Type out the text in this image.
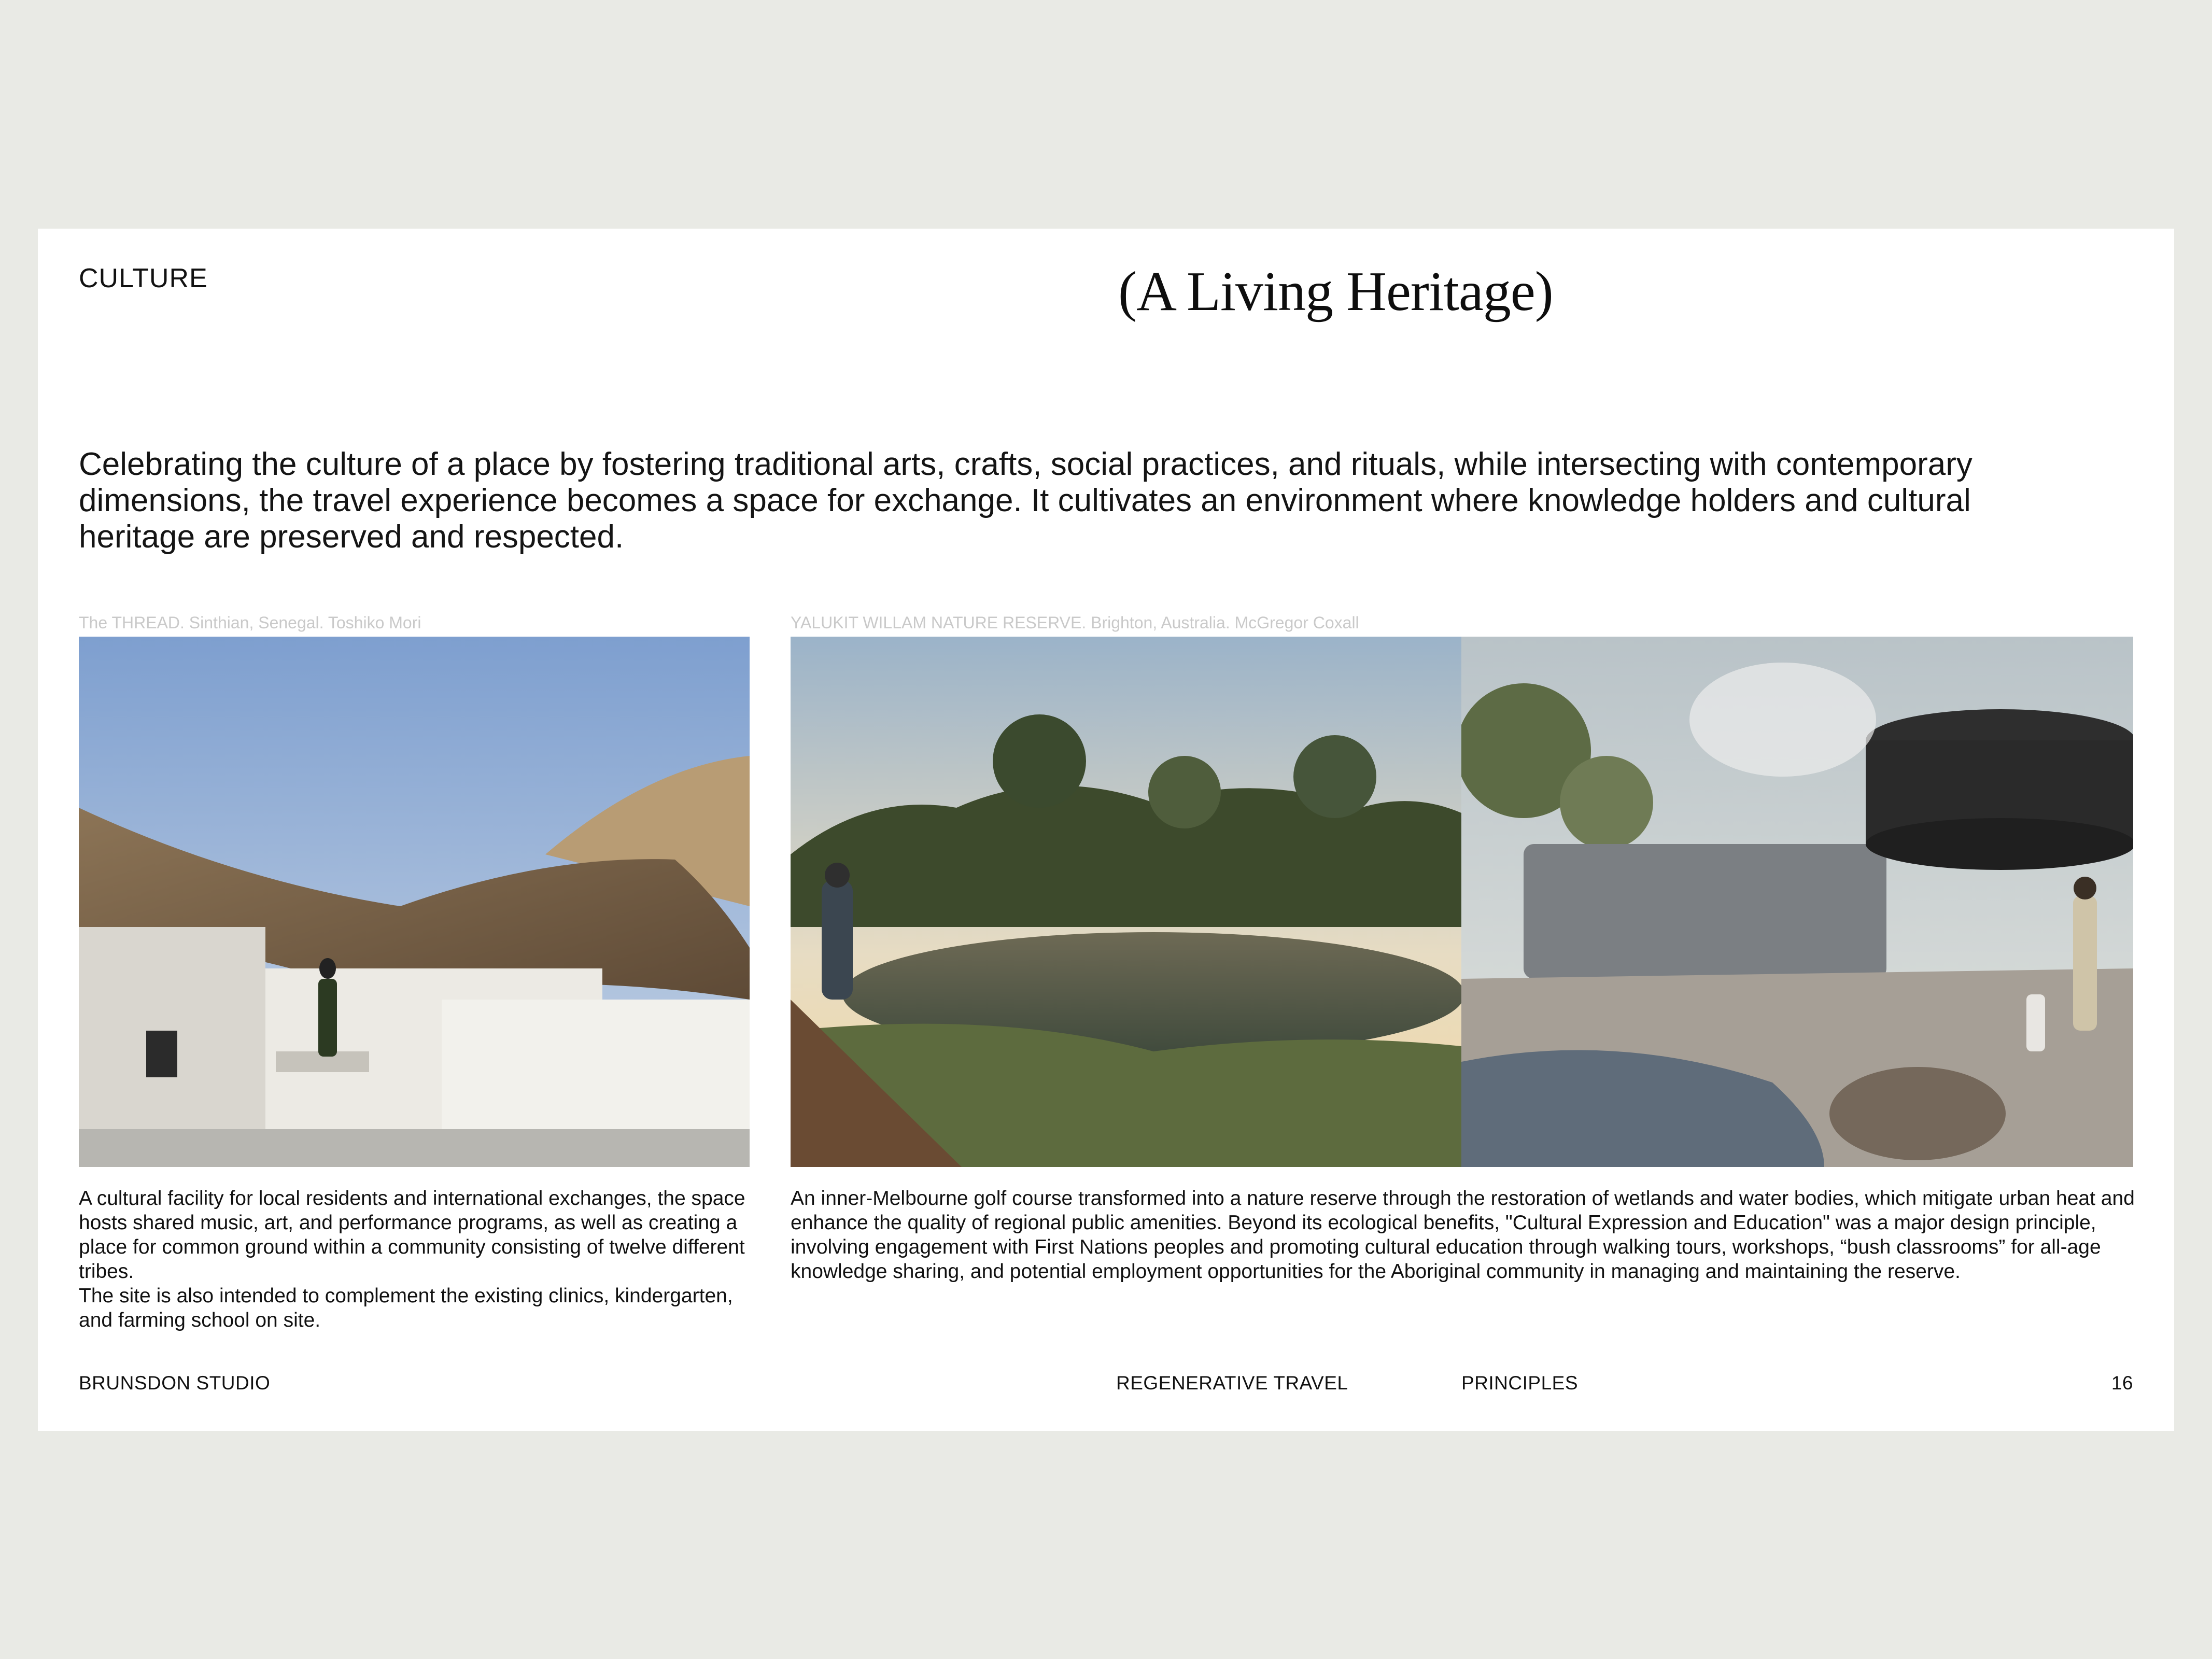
CULTURE	(A Living Heritage)
Celebrating the culture of a place by fostering traditional arts, crafts, social practices, and rituals, while intersecting with contemporary dimensions, the travel experience becomes a space for exchange. It cultivates an environment where knowledge holders and cultural heritage are preserved and respected.
The THREAD. Sinthian, Senegal. Toshiko Mori	YALUKIT WILLAM NATURE RESERVE. Brighton, Australia. McGregor Coxall

A cultural facility for local residents and international exchanges, the space hosts shared music, art, and performance programs, as well as creating a place for common ground within a community consisting of twelve different tribes.

The site is also intended to complement the existing clinics, kindergarten, and farming school on site.

An inner-Melbourne golf course transformed into a nature reserve through the restoration of wetlands and water bodies, which mitigate urban heat and enhance the quality of regional public amenities. Beyond its ecological benefits, "Cultural Expression and Education" was a major design principle, involving engagement with First Nations peoples and promoting cultural education through walking tours, workshops, “bush classrooms” for all-age knowledge sharing, and potential employment opportunities for the Aboriginal community in managing and maintaining the reserve.
BRUNSDON STUDIO	REGENERATIVE TRAVEL	PRINCIPLES	16
